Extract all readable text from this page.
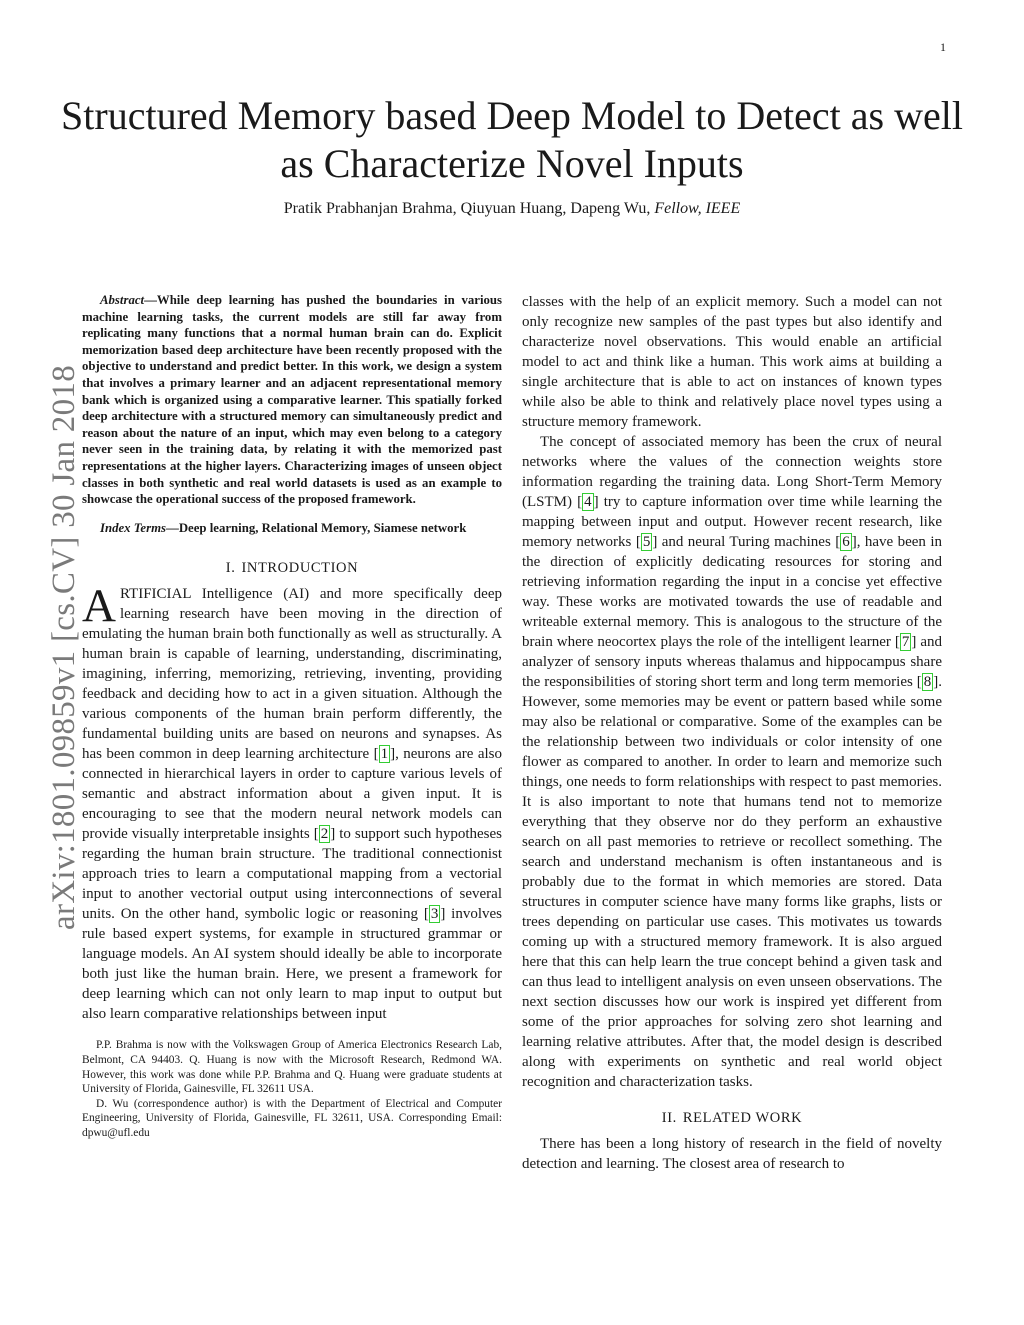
1
arXiv:1801.09859v1 [cs.CV] 30 Jan 2018
Structured Memory based Deep Model to Detect as well as Characterize Novel Inputs
Pratik Prabhanjan Brahma, Qiuyuan Huang, Dapeng Wu, Fellow, IEEE

Abstract—While deep learning has pushed the boundaries in various machine learning tasks, the current models are still far away from replicating many functions that a normal human brain can do. Explicit memorization based deep architecture have been recently proposed with the objective to understand and predict better. In this work, we design a system that involves a primary learner and an adjacent representational memory bank which is organized using a comparative learner. This spatially forked deep architecture with a structured memory can simultaneously predict and reason about the nature of an input, which may even belong to a category never seen in the training data, by relating it with the memorized past representations at the higher layers. Characterizing images of unseen object classes in both synthetic and real world datasets is used as an example to showcase the operational success of the proposed framework.

Index Terms—Deep learning, Relational Memory, Siamese network

I. INTRODUCTION

ARTIFICIAL Intelligence (AI) and more specifically deep learning research have been moving in the direction of emulating the human brain both functionally as well as structurally. A human brain is capable of learning, understanding, discriminating, imagining, inferring, memorizing, retrieving, inventing, providing feedback and deciding how to act in a given situation. Although the various components of the human brain perform differently, the fundamental building units are based on neurons and synapses. As has been common in deep learning architecture [ 1 ], neurons are also connected in hierarchical layers in order to capture various levels of semantic and abstract information about a given input. It is encouraging to see that the modern neural network models can provide visually interpretable insights [ 2 ] to support such hypotheses regarding the human brain structure. The traditional connectionist approach tries to learn a computational mapping from a vectorial input to another vectorial output using interconnections of several units. On the other hand, symbolic logic or reasoning [ 3 ] involves rule based expert systems, for example in structured grammar or language models. An AI system should ideally be able to incorporate both just like the human brain. Here, we present a framework for deep learning which can not only learn to map input to output but also learn comparative relationships between input

P.P. Brahma is now with the Volkswagen Group of America Electronics Research Lab, Belmont, CA 94403. Q. Huang is now with the Microsoft Research, Redmond WA. However, this work was done while P.P. Brahma and Q. Huang were graduate students at University of Florida, Gainesville, FL 32611 USA.

D. Wu (correspondence author) is with the Department of Electrical and Computer Engineering, University of Florida, Gainesville, FL 32611, USA. Corresponding Email: dpwu@ufl.edu

classes with the help of an explicit memory. Such a model can not only recognize new samples of the past types but also identify and characterize novel observations. This would enable an artificial model to act and think like a human. This work aims at building a single architecture that is able to act on instances of known types while also be able to think and relatively place novel types using a structure memory framework.

The concept of associated memory has been the crux of neural networks where the values of the connection weights store information regarding the training data. Long Short-Term Memory (LSTM) [ 4 ] try to capture information over time while learning the mapping between input and output. However recent research, like memory networks [ 5 ] and neural Turing machines [ 6 ], have been in the direction of explicitly dedicating resources for storing and retrieving information regarding the input in a concise yet effective way. These works are motivated towards the use of readable and writeable external memory. This is analogous to the structure of the brain where neocortex plays the role of the intelligent learner [ 7 ] and analyzer of sensory inputs whereas thalamus and hippocampus share the responsibilities of storing short term and long term memories [ 8 ]. However, some memories may be event or pattern based while some may also be relational or comparative. Some of the examples can be the relationship between two individuals or color intensity of one flower as compared to another. In order to learn and memorize such things, one needs to form relationships with respect to past memories. It is also important to note that humans tend not to memorize everything that they observe nor do they perform an exhaustive search on all past memories to retrieve or recollect something. The search and understand mechanism is often instantaneous and is probably due to the format in which memories are stored. Data structures in computer science have many forms like graphs, lists or trees depending on particular use cases. This motivates us towards coming up with a structured memory framework. It is also argued here that this can help learn the true concept behind a given task and can thus lead to intelligent analysis on even unseen observations. The next section discusses how our work is inspired yet different from some of the prior approaches for solving zero shot learning and learning relative attributes. After that, the model design is described along with experiments on synthetic and real world object recognition and characterization tasks.

II. RELATED WORK

There has been a long history of research in the field of novelty detection and learning. The closest area of research to
